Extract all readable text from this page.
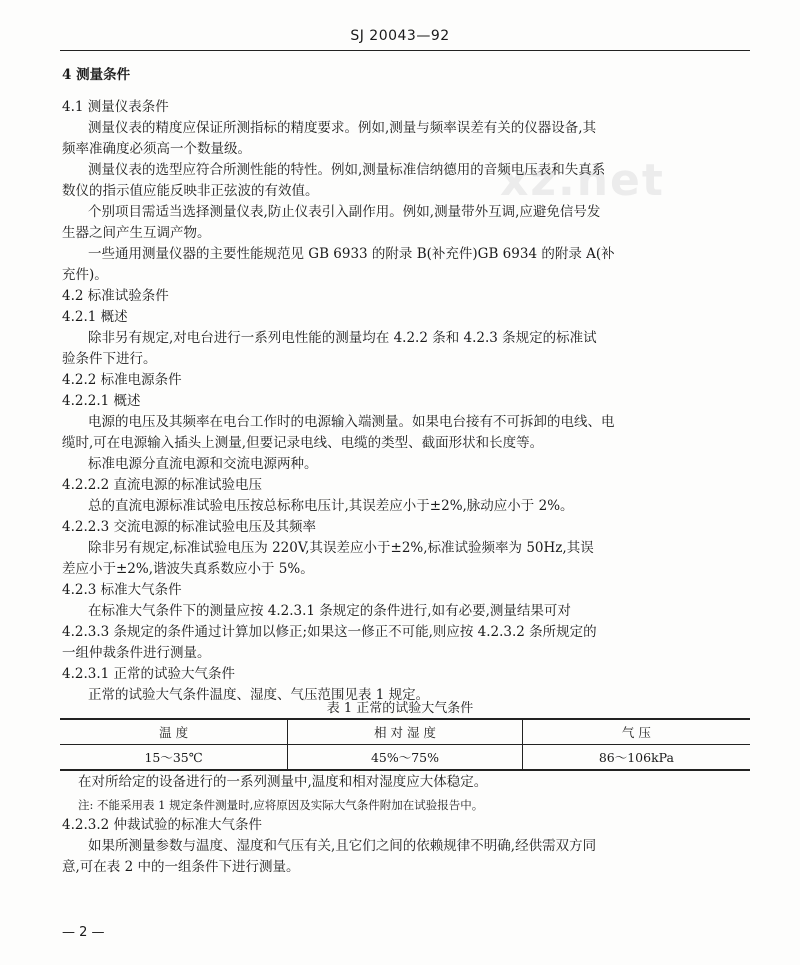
xz.net
SJ 20043—92
4 测量条件
4.1 测量仪表条件
测量仪表的精度应保证所测指标的精度要求。例如,测量与频率误差有关的仪器设备,其
频率准确度必须高一个数量级。
测量仪表的选型应符合所测性能的特性。例如,测量标准信纳德用的音频电压表和失真系
数仪的指示值应能反映非正弦波的有效值。
个别项目需适当选择测量仪表,防止仪表引入副作用。例如,测量带外互调,应避免信号发
生器之间产生互调产物。
一些通用测量仪器的主要性能规范见 GB 6933 的附录 B(补充件)GB 6934 的附录 A(补
充件)。
4.2 标准试验条件
4.2.1 概述
除非另有规定,对电台进行一系列电性能的测量均在 4.2.2 条和 4.2.3 条规定的标准试
验条件下进行。
4.2.2 标准电源条件
4.2.2.1 概述
电源的电压及其频率在电台工作时的电源输入端测量。如果电台接有不可拆卸的电线、电
缆时,可在电源输入插头上测量,但要记录电线、电缆的类型、截面形状和长度等。
标准电源分直流电源和交流电源两种。
4.2.2.2 直流电源的标准试验电压
总的直流电源标准试验电压按总标称电压计,其误差应小于±2%,脉动应小于 2%。
4.2.2.3 交流电源的标准试验电压及其频率
除非另有规定,标准试验电压为 220V,其误差应小于±2%,标准试验频率为 50Hz,其误
差应小于±2%,谐波失真系数应小于 5%。
4.2.3 标准大气条件
在标准大气条件下的测量应按 4.2.3.1 条规定的条件进行,如有必要,测量结果可对
4.2.3.3 条规定的条件通过计算加以修正;如果这一修正不可能,则应按 4.2.3.2 条所规定的
一组仲裁条件进行测量。
4.2.3.1 正常的试验大气条件
正常的试验大气条件温度、湿度、气压范围见表 1 规定。
表 1 正常的试验大气条件
温 度	相 对 湿 度	气 压
15～35℃	45%～75%	86～106kPa
在对所给定的设备进行的一系列测量中,温度和相对湿度应大体稳定。
注: 不能采用表 1 规定条件测量时,应将原因及实际大气条件附加在试验报告中。
4.2.3.2 仲裁试验的标准大气条件
如果所测量参数与温度、湿度和气压有关,且它们之间的依赖规律不明确,经供需双方同
意,可在表 2 中的一组条件下进行测量。
— 2 —
